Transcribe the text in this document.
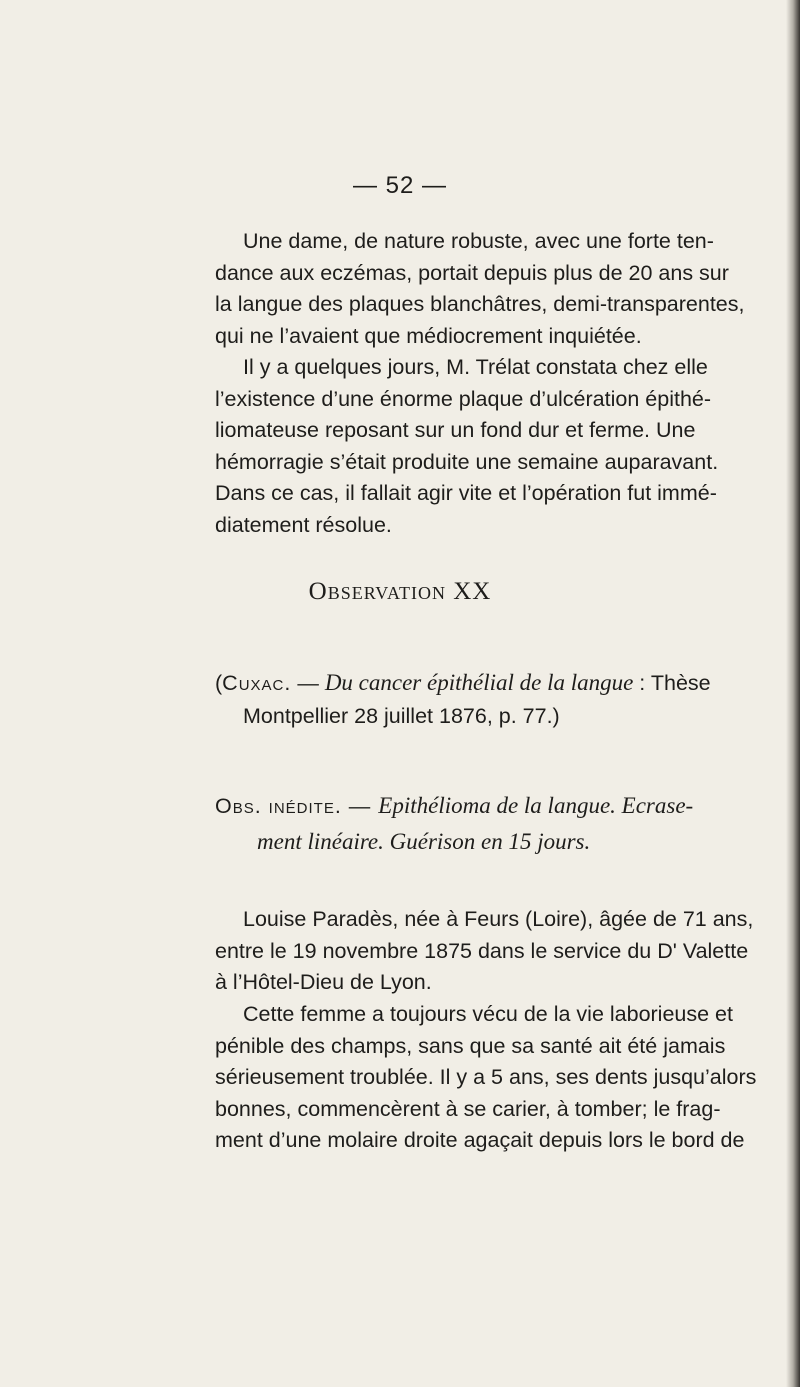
— 52 —

Une dame, de nature robuste, avec une forte ten-

dance aux eczémas, portait depuis plus de 20 ans sur

la langue des plaques blanchâtres, demi-transparentes,

qui ne l’avaient que médiocrement inquiétée.

Il y a quelques jours, M. Trélat constata chez elle

l’existence d’une énorme plaque d’ulcération épithé-

liomateuse reposant sur un fond dur et ferme. Une

hémorragie s’était produite une semaine auparavant.

Dans ce cas, il fallait agir vite et l’opération fut immé-

diatement résolue.

Observation XX
(Cuxac. — Du cancer épithélial de la langue : Thèse
Montpellier 28 juillet 1876, p. 77.)
Obs. inédite. — Epithélioma de la langue. Ecrase-
ment linéaire. Guérison en 15 jours.

Louise Paradès, née à Feurs (Loire), âgée de 71 ans,

entre le 19 novembre 1875 dans le service du D' Valette

à l’Hôtel-Dieu de Lyon.

Cette femme a toujours vécu de la vie laborieuse et

pénible des champs, sans que sa santé ait été jamais

sérieusement troublée. Il y a 5 ans, ses dents jusqu’alors

bonnes, commencèrent à se carier, à tomber; le frag-

ment d’une molaire droite agaçait depuis lors le bord de
